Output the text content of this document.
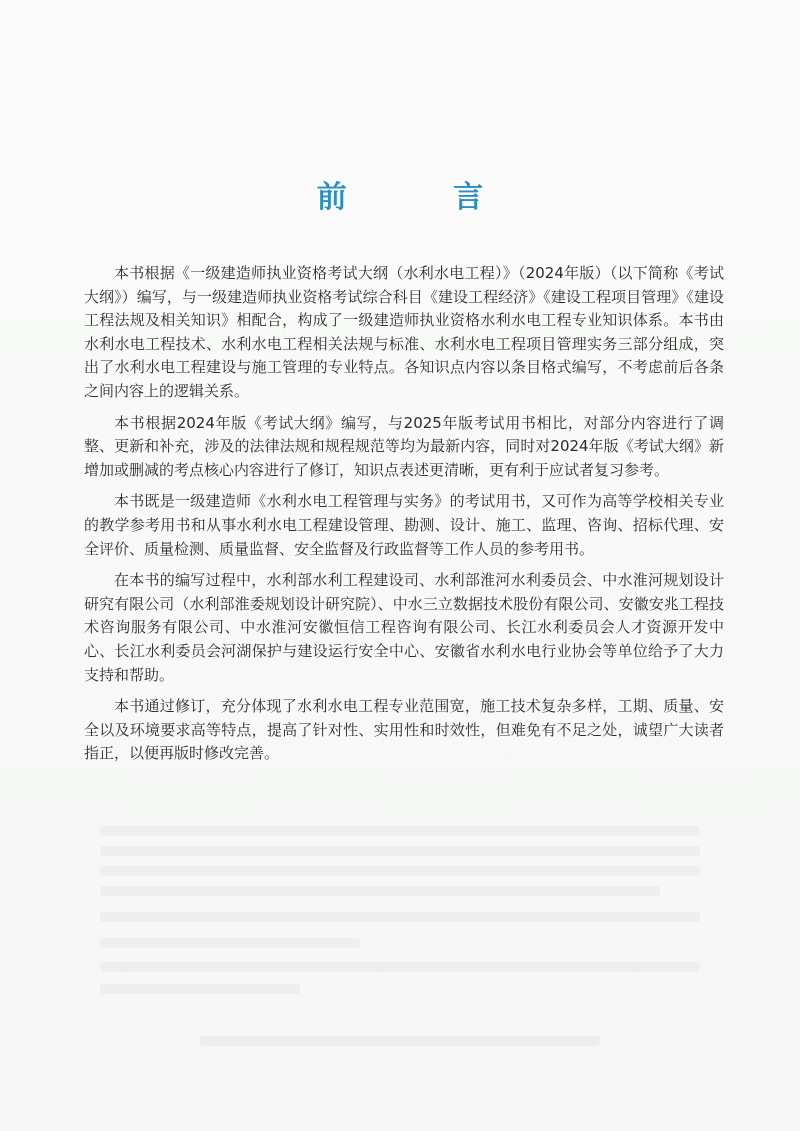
前 言

本书根据《一级建造师执业资格考试大纲（水利水电工程）》（2024年版）（以下简称《考试大纲》）编写，与一级建造师执业资格考试综合科目《建设工程经济》《建设工程项目管理》《建设工程法规及相关知识》相配合，构成了一级建造师执业资格水利水电工程专业知识体系。本书由水利水电工程技术、水利水电工程相关法规与标准、水利水电工程项目管理实务三部分组成，突出了水利水电工程建设与施工管理的专业特点。各知识点内容以条目格式编写，不考虑前后各条之间内容上的逻辑关系。

本书根据2024年版《考试大纲》编写，与2025年版考试用书相比，对部分内容进行了调整、更新和补充，涉及的法律法规和规程规范等均为最新内容，同时对2024年版《考试大纲》新增加或删减的考点核心内容进行了修订，知识点表述更清晰，更有利于应试者复习参考。

本书既是一级建造师《水利水电工程管理与实务》的考试用书，又可作为高等学校相关专业的教学参考用书和从事水利水电工程建设管理、勘测、设计、施工、监理、咨询、招标代理、安全评价、质量检测、质量监督、安全监督及行政监督等工作人员的参考用书。

在本书的编写过程中，水利部水利工程建设司、水利部淮河水利委员会、中水淮河规划设计研究有限公司（水利部淮委规划设计研究院）、中水三立数据技术股份有限公司、安徽安兆工程技术咨询服务有限公司、中水淮河安徽恒信工程咨询有限公司、长江水利委员会人才资源开发中心、长江水利委员会河湖保护与建设运行安全中心、安徽省水利水电行业协会等单位给予了大力支持和帮助。

本书通过修订，充分体现了水利水电工程专业范围宽，施工技术复杂多样，工期、质量、安全以及环境要求高等特点，提高了针对性、实用性和时效性，但难免有不足之处，诚望广大读者指正，以便再版时修改完善。
